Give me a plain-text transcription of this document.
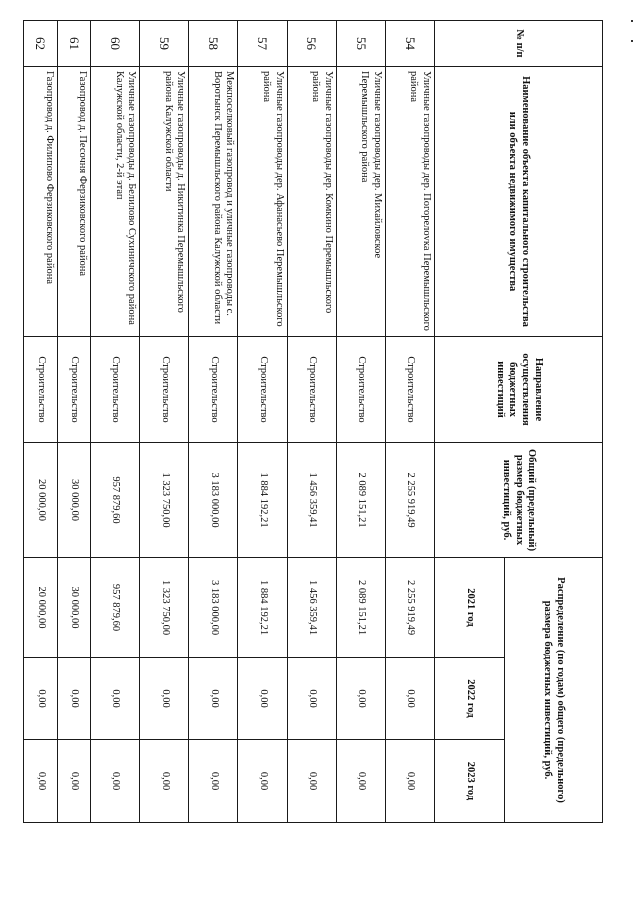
№ п/п	Наименование объекта капитального строительства или объекта недвижимого имущества	Направление осуществления бюджетных инвестиций	Общий (предельный) размер бюджетных инвестиций, руб.	Распределение (по годам) общего (предельного) размера бюджетных инвестиций, руб.		
				2021 год	2022 год	2023 год
54	Уличные газопроводы дер. Погорелovка Перемышльского района	Строительство	2 255 919,49	2 255 919,49	0,00	0,00
55	Уличные газопроводы дер. Михайловское Перемышльского района	Строительство	2 089 151,21	2 089 151,21	0,00	0,00
56	Уличные газопроводы дер. Комкино Перемышльского района	Строительство	1 456 359,41	1 456 359,41	0,00	0,00
57	Уличные газопроводы дер. Афанасьево Перемышльского района	Строительство	1 884 192,21	1 884 192,21	0,00	0,00
58	Межпоселковый газопровод и уличные газопроводы с. Воротынск Перемышльского района Калужской области	Строительство	3 183 000,00	3 183 000,00	0,00	0,00
59	Уличные газопроводы д. Никитинка Перемышльского района Калужской области	Строительство	1 323 750,00	1 323 750,00	0,00	0,00
60	Уличные газопроводы д. Белилово Сухиничского района Калужской области, 2-й этап	Строительство	957 879,60	957 879,60	0,00	0,00
61	Газопровод д. Песочня Ферзиковского района	Строительство	30 000,00	30 000,00	0,00	0,00
62	Газопровод д. Филипово Ферзиковского района	Строительство	20 000,00	20 000,00	0,00	0,00
